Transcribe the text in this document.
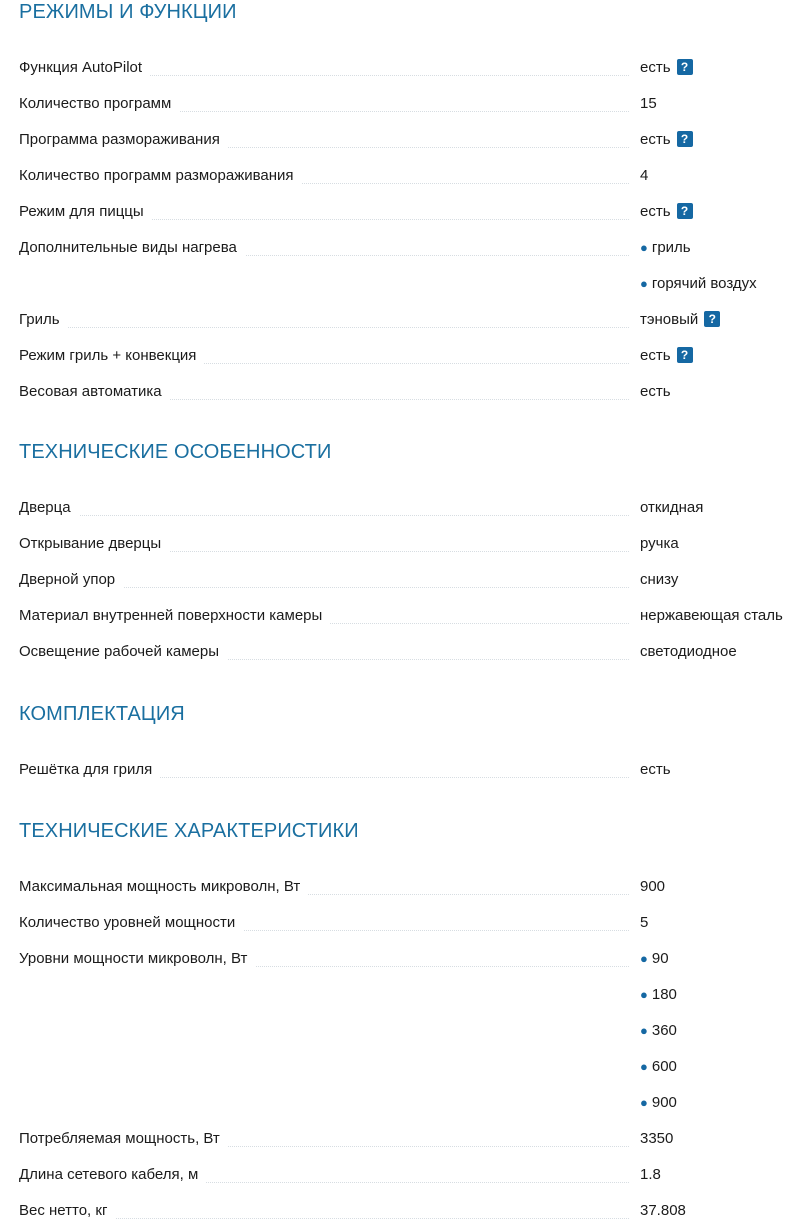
РЕЖИМЫ И ФУНКЦИИ
Функция AutoPilot	есть ?
Количество программ	15
Программа размораживания	есть ?
Количество программ размораживания	4
Режим для пиццы	есть ?
Дополнительные виды нагрева	● гриль
● горячий воздух
Гриль	тэновый ?
Режим гриль + конвекция	есть ?
Весовая автоматика	есть
ТЕХНИЧЕСКИЕ ОСОБЕННОСТИ
Дверца	откидная
Открывание дверцы	ручка
Дверной упор	снизу
Материал внутренней поверхности камеры	нержавеющая сталь
Освещение рабочей камеры	светодиодное
КОМПЛЕКТАЦИЯ
Решётка для гриля	есть
ТЕХНИЧЕСКИЕ ХАРАКТЕРИСТИКИ
Максимальная мощность микроволн, Вт	900
Количество уровней мощности	5
Уровни мощности микроволн, Вт	● 90
● 180
● 360
● 600
● 900
Потребляемая мощность, Вт	3350
Длина сетевого кабеля, м	1.8
Вес нетто, кг	37.808
